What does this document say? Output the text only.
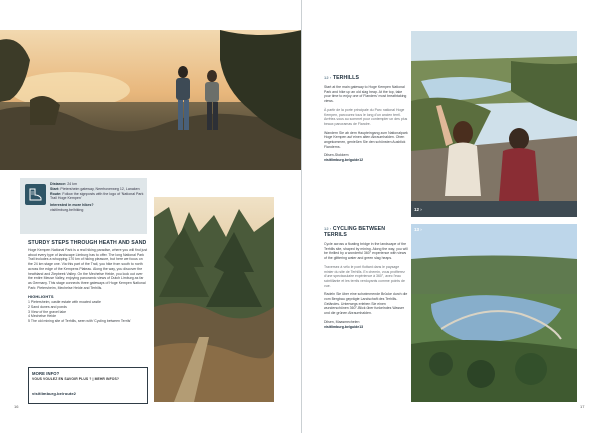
Distance: 24 km
Start: Pietersheim gateway, Neerhoverweg 12, Lanaken
Route: Follow the signposts with the logo of 'National Park Trail Hoge Kempen'
Interested in more hikes?
visitlimburg.be/hiking
STURDY STEPS THROUGH HEATH AND SAND
Hoge Kempen National Park is a real hiking paradise, where you will find just about every type of landscape Limburg has to offer. The long National Park Trail includes a whopping 170 km of hiking pleasure, but here we focus on the 24 km stage one. Via this part of the Trail, you hike from south to north across the edge of the Kempens Plateau. Along the way, you discover the heathland and Ziepbeek Valley. On the Mechelse Heide, you look out over the entire Meuse Valley, enjoying panoramic views of Dutch Limburg as far as Germany. This stage connects three gateways of Hoge Kempen National Park: Pietersheim, Mechelse Heide and Terhills.
HIGHLIGHTS
1 Pietersheim, castle estate with moated castle
2 Sand dunes and ponds
3 View of the gravel lake
4 Mechelse Heide
5 The old mining site of Terhills, seen with 'Cycling between Terrils'
MORE INFO?
VOUS VOULEZ EN SAVOIR PLUS ? | MEHR INFOS?
visitlimburg.be/route2
16
12 › TERHILLS
Start at the main gateway to Hoge Kempen National Park and hike up an old slag heap. At the top, take your time to enjoy one of Flanders' most breathtaking views.
À partir de la porte principale du Parc national Hoge Kempen, parcourez tous le long d'un ancien terril. Arrêtez-vous au sommet pour contempler un des plus beaux panoramas de Flandre.
Wandern Sie ab dem Haupteingang zum Nationalpark Hoge Kempen auf einen alten Abraumhalden. Oben angekommen, genießen Sie den schönsten Ausblick Flanderns.
Dilsen-Stokkem
visitlimburg.be/guide12
12 ›
12 › CYCLING BETWEEN TERRILS
Cycle across a floating bridge in the landscape of the Terhills site, shaped by mining. Along the way, you will be thrilled by a wonderful 360° experience with views of the glittering water and green slag heaps.
Traversez à vélo le pont flottant dans le paysage minier du site de Terhills. En chemin, vous profiterez d'une spectaculaire expérience à 360°, avec l'eau scintillante et les terrils verdoyants comme points de vue.
Radeln Sie über eine schwimmende Brücke durch die vom Bergbau geprägte Landschaft des Terhills-Geländes. Unterwegs erleben Sie einen wunderschönen 360°-Blick über funkelndes Wasser und die grünen Abraumhalden.
Dilsen, Maasmechelen
visitlimburg.be/guide13
13 ›
17
